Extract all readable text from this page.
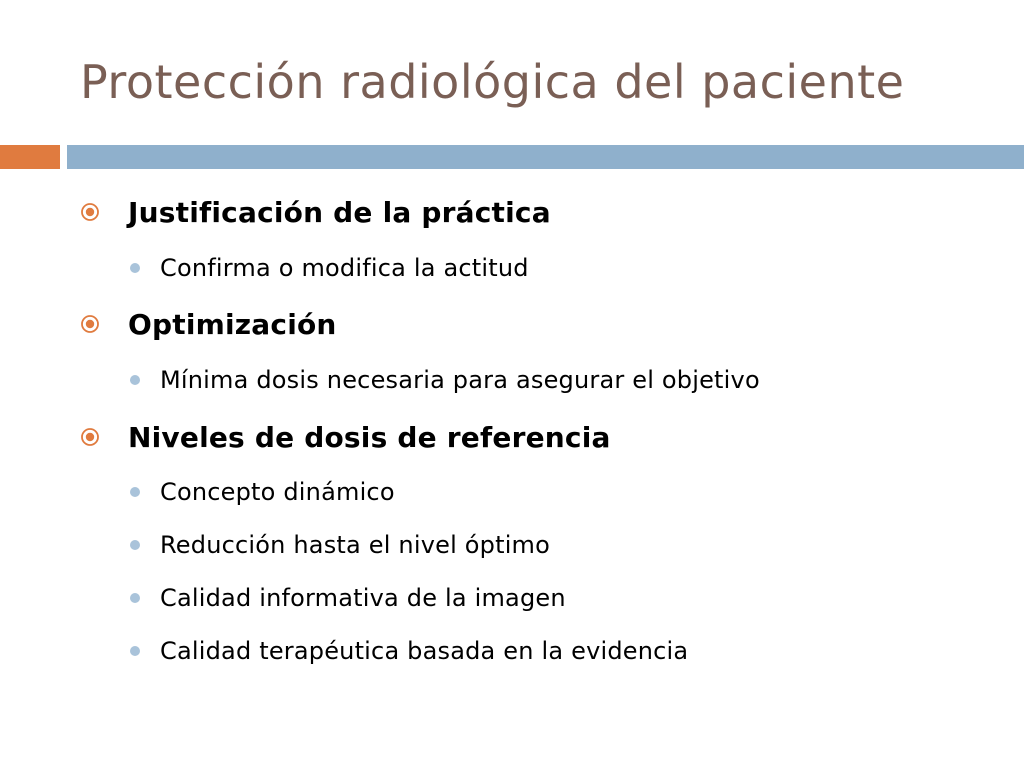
Protección radiológica del paciente
Justificación de la práctica
Confirma o modifica la actitud
Optimización
Mínima dosis necesaria para asegurar el objetivo
Niveles de dosis de referencia
Concepto dinámico
Reducción hasta el nivel óptimo
Calidad informativa de la imagen
Calidad terapéutica basada en la evidencia
